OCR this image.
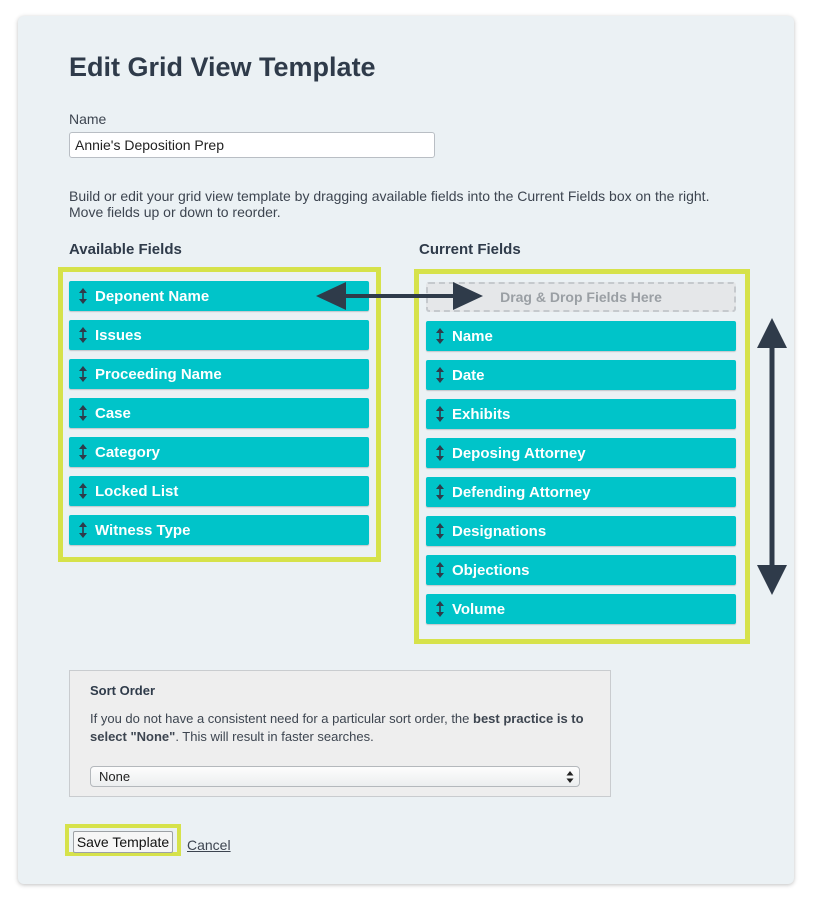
Edit Grid View Template
Name
Annie's Deposition Prep
Build or edit your grid view template by dragging available fields into the Current Fields box on the right.
Move fields up or down to reorder.
Available Fields	Current Fields
Deponent Name
Issues
Proceeding Name
Case
Category
Locked List
Witness Type
Drag & Drop Fields Here
Name
Date
Exhibits
Deposing Attorney
Defending Attorney
Designations
Objections
Volume
Sort Order
If you do not have a consistent need for a particular sort order, the best practice is to select "None". This will result in faster searches.
None
Save Template Cancel
